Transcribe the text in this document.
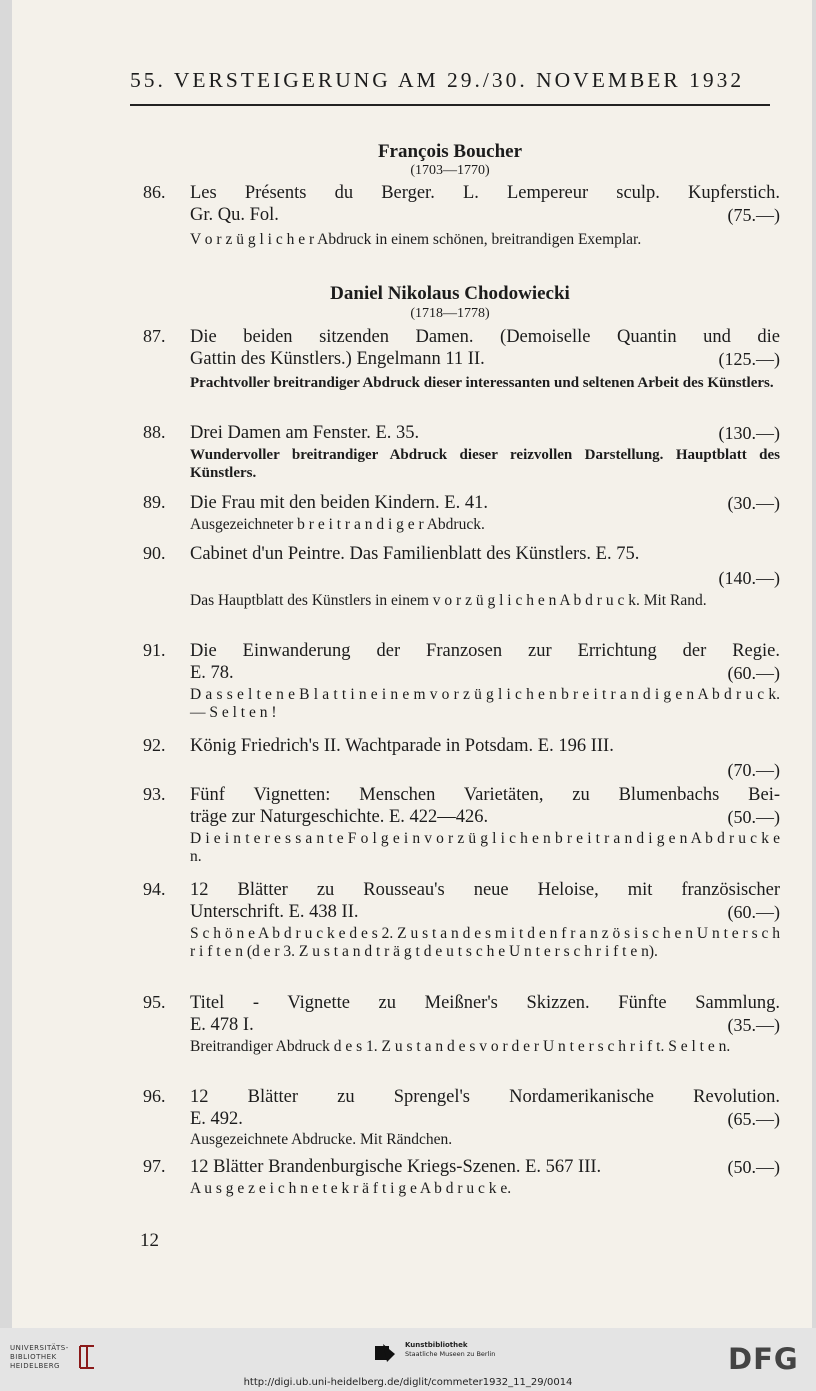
55. VERSTEIGERUNG AM 29./30. NOVEMBER 1932
François Boucher
(1703—1770)
86. Les Présents du Berger. L. Lempereur sculp. Kupferstich.
Gr. Qu. Fol.	(75.—)
V o r z ü g l i c h e r Abdruck in einem schönen, breitrandigen Exemplar.
Daniel Nikolaus Chodowiecki
(1718—1778)
87. Die beiden sitzenden Damen. (Demoiselle Quantin und die
Gattin des Künstlers.) Engelmann 11 II.	(125.—)
Prachtvoller breitrandiger Abdruck dieser interessanten und seltenen Arbeit des Künstlers.
88. Drei Damen am Fenster. E. 35.	(130.—)
Wundervoller breitrandiger Abdruck dieser reizvollen Darstellung. Hauptblatt des Künstlers.
89. Die Frau mit den beiden Kindern. E. 41.	(30.—)
Ausgezeichneter b r e i t r a n d i g e r Abdruck.
90. Cabinet d'un Peintre. Das Familienblatt des Künstlers. E. 75.
(140.—)
Das Hauptblatt des Künstlers in einem v o r z ü g l i c h e n A b d r u c k. Mit Rand.
91. Die Einwanderung der Franzosen zur Errichtung der Regie.
E. 78.	(60.—)
D a s s e l t e n e B l a t t i n e i n e m v o r z ü g l i c h e n b r e i t r a n d i g e n A b d r u c k. — S e l t e n !
92. König Friedrich's II. Wachtparade in Potsdam. E. 196 III.
(70.—)
93. Fünf Vignetten: Menschen Varietäten, zu Blumenbachs Bei-
träge zur Naturgeschichte. E. 422—426.	(50.—)
D i e i n t e r e s s a n t e F o l g e i n v o r z ü g l i c h e n b r e i t r a n d i g e n A b d r u c k e n.
94. 12 Blätter zu Rousseau's neue Heloise, mit französischer
Unterschrift. E. 438 II.	(60.—)
S c h ö n e A b d r u c k e d e s 2. Z u s t a n d e s m i t d e n f r a n z ö s i s c h e n U n t e r s c h r i f t e n (d e r 3. Z u s t a n d t r ä g t d e u t s c h e U n t e r s c h r i f t e n).
95. Titel - Vignette zu Meißner's Skizzen. Fünfte Sammlung.
E. 478 I.	(35.—)
Breitrandiger Abdruck d e s 1. Z u s t a n d e s v o r d e r U n t e r s c h r i f t. S e l t e n.
96. 12 Blätter zu Sprengel's Nordamerikanische Revolution.
E. 492.	(65.—)
Ausgezeichnete Abdrucke. Mit Rändchen.
97. 12 Blätter Brandenburgische Kriegs-Szenen. E. 567 III.	(50.—)
A u s g e z e i c h n e t e k r ä f t i g e A b d r u c k e.
12
UNIVERSITÄTS-
BIBLIOTHEK
HEIDELBERG
Kunstbibliothek
Staatliche Museen zu Berlin	DFG
http://digi.ub.uni-heidelberg.de/diglit/commeter1932_11_29/0014
